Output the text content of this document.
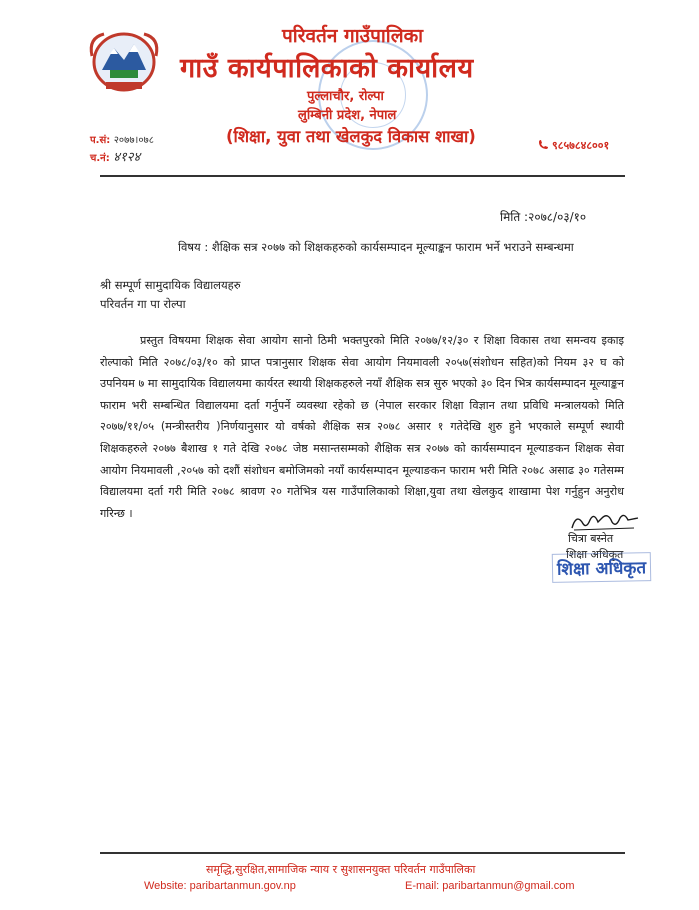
परिवर्तन गाउँपालिका
गाउँ कार्यपालिकाको कार्यालय
पुल्लाचौर, रोल्पा
लुम्बिनी प्रदेश, नेपाल
(शिक्षा, युवा तथा खेलकुद विकास शाखा)
प.सं: २०७७।०७८
च.नं: ४१२४
९८५७८४८००१
मिति :२०७८/०३/१०
विषय : शैक्षिक सत्र २०७७ को शिक्षकहरुको कार्यसम्पादन मूल्याङ्कन फाराम भर्ने भराउने सम्बन्धमा
श्री सम्पूर्ण सामुदायिक विद्यालयहरु
परिवर्तन गा पा रोल्पा

प्रस्तुत विषयमा शिक्षक सेवा आयोग सानो ठिमी भक्तपुरको मिति २०७७/१२/३० र शिक्षा विकास तथा समन्वय इकाइ रोल्पाको मिति २०७८/०३/१० को प्राप्त पत्रानुसार शिक्षक सेवा आयोग नियमावली २०५७(संशोधन सहित)को नियम ३२ घ को उपनियम ७ मा सामुदायिक विद्यालयमा कार्यरत स्थायी शिक्षकहरुले नयाँ शैक्षिक सत्र सुरु भएको ३० दिन भित्र कार्यसम्पादन मूल्याङ्कन फाराम भरी सम्बन्धित विद्यालयमा दर्ता गर्नुपर्ने व्यवस्था रहेको छ (नेपाल सरकार शिक्षा विज्ञान तथा प्रविधि मन्त्रालयको मिति २०७७/११/०५ (मन्त्रीस्तरीय )निर्णयानुसार यो वर्षको शैक्षिक सत्र २०७८ असार १ गतेदेखि शुरु हुने भएकाले सम्पूर्ण स्थायी शिक्षकहरुले २०७७ बैशाख १ गते देखि २०७८ जेष्ठ मसान्तसम्मको शैक्षिक सत्र २०७७ को कार्यसम्पादन मूल्याङकन शिक्षक सेवा आयोग नियमावली ,२०५७ को दशौं संशोधन बमोजिमको नयाँ कार्यसम्पादन मूल्याङकन फाराम भरी मिति २०७८ असाढ ३० गतेसम्म विद्यालयमा दर्ता गरी मिति २०७८ श्रावण २० गतेभित्र यस गाउँपालिकाको शिक्षा,युवा तथा खेलकुद शाखामा पेश गर्नुहुन अनुरोध गरिन्छ ।

चित्रा बस्नेत
शिक्षा अधिकृत
शिक्षा अधिकृत
समृद्धि,सुरक्षित,सामाजिक न्याय र सुशासनयुक्त परिवर्तन गाउँपालिका
Website: paribartanmun.gov.np	E-mail: paribartanmun@gmail.com
